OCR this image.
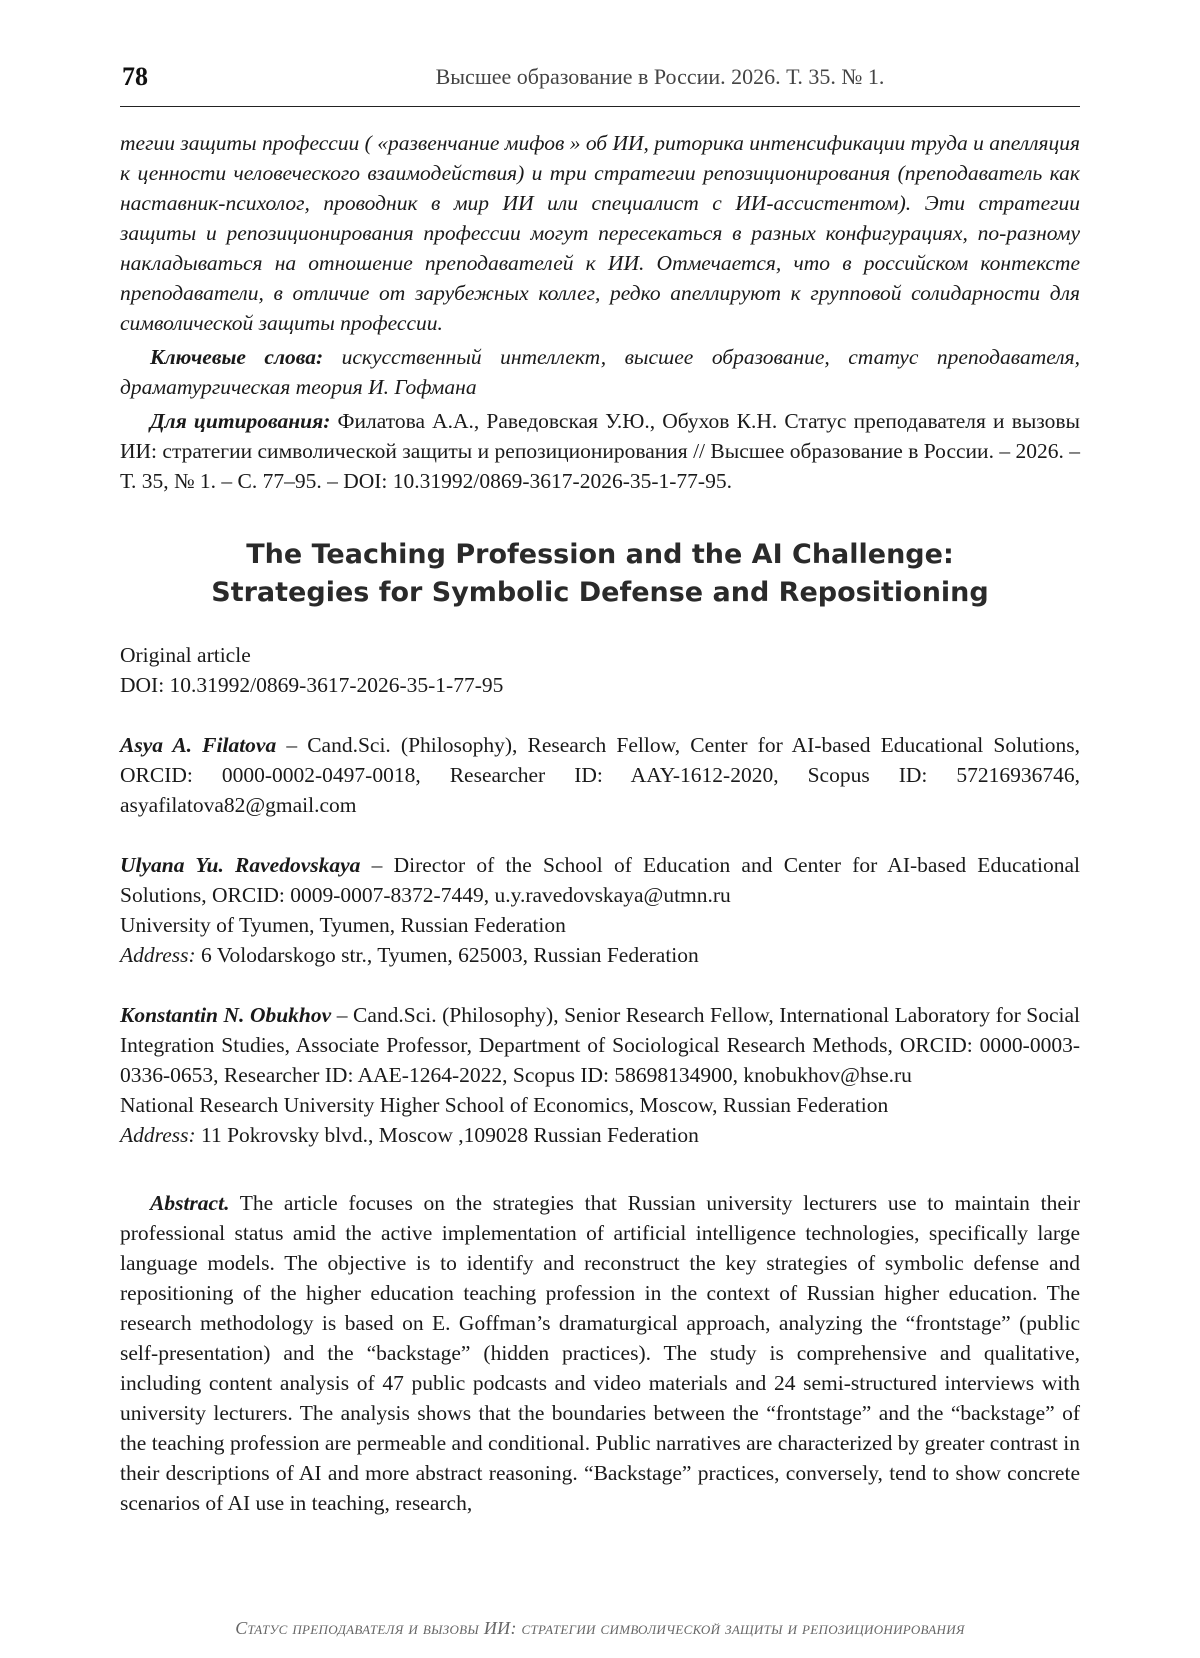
78	Высшее образование в России. 2026. Т. 35. № 1.

тегии защиты профессии ( «развенчание мифов » об ИИ, риторика интенсификации труда и апелляция к ценности человеческого взаимодействия) и три стратегии репозиционирования (преподаватель как наставник-психолог, проводник в мир ИИ или специалист с ИИ-ассистентом). Эти стратегии защиты и репозиционирования профессии могут пересекаться в разных конфигурациях, по-разному накладываться на отношение преподавателей к ИИ. Отмечается, что в российском контексте преподаватели, в отличие от зарубежных коллег, редко апеллируют к групповой солидарности для символической защиты профессии.

Ключевые слова: искусственный интеллект, высшее образование, статус преподавателя, драматургическая теория И. Гофмана

Для цитирования: Филатова А.А., Раведовская У.Ю., Обухов К.Н. Статус преподавателя и вызовы ИИ: стратегии символической защиты и репозиционирования // Высшее образование в России. – 2026. – Т. 35, № 1. – С. 77–95. – DOI: 10.31992/0869-3617-2026-35-1-77-95.

The Teaching Profession and the AI Challenge:
Strategies for Symbolic Defense and Repositioning
Original article
DOI: 10.31992/0869-3617-2026-35-1-77-95

Asya A. Filatova – Cand.Sci. (Philosophy), Research Fellow, Center for AI-based Educational Solutions, ORCID: 0000-0002-0497-0018, Researcher ID: AAY-1612-2020, Scopus ID: 57216936746, asyafilatova82@gmail.com

Ulyana Yu. Ravedovskaya – Director of the School of Education and Center for AI-based Educational Solutions, ORCID: 0009-0007-8372-7449, u.y.ravedovskaya@utmn.ru

University of Tyumen, Tyumen, Russian Federation
Address: 6 Volodarskogo str., Tyumen, 625003, Russian Federation

Konstantin N. Obukhov – Cand.Sci. (Philosophy), Senior Research Fellow, International Laboratory for Social Integration Studies, Associate Professor, Department of Sociological Research Methods, ORCID: 0000-0003-0336-0653, Researcher ID: AAE-1264-2022, Scopus ID: 58698134900, knobukhov@hse.ru

National Research University Higher School of Economics, Moscow, Russian Federation
Address: 11 Pokrovsky blvd., Moscow ,109028 Russian Federation

Abstract. The article focuses on the strategies that Russian university lecturers use to maintain their professional status amid the active implementation of artificial intelligence technologies, specifically large language models. The objective is to identify and reconstruct the key strategies of symbolic defense and repositioning of the higher education teaching profession in the context of Russian higher education. The research methodology is based on E. Goffman’s dramaturgical approach, analyzing the “frontstage” (public self-presentation) and the “backstage” (hidden practices). The study is comprehensive and qualitative, including content analysis of 47 public podcasts and video materials and 24 semi-structured interviews with university lecturers. The analysis shows that the boundaries between the “frontstage” and the “backstage” of the teaching profession are permeable and conditional. Public narratives are characterized by greater contrast in their descriptions of AI and more abstract reasoning. “Backstage” practices, conversely, tend to show concrete scenarios of AI use in teaching, research,

Статус преподавателя и вызовы ИИ: стратегии символической защиты и репозиционирования
